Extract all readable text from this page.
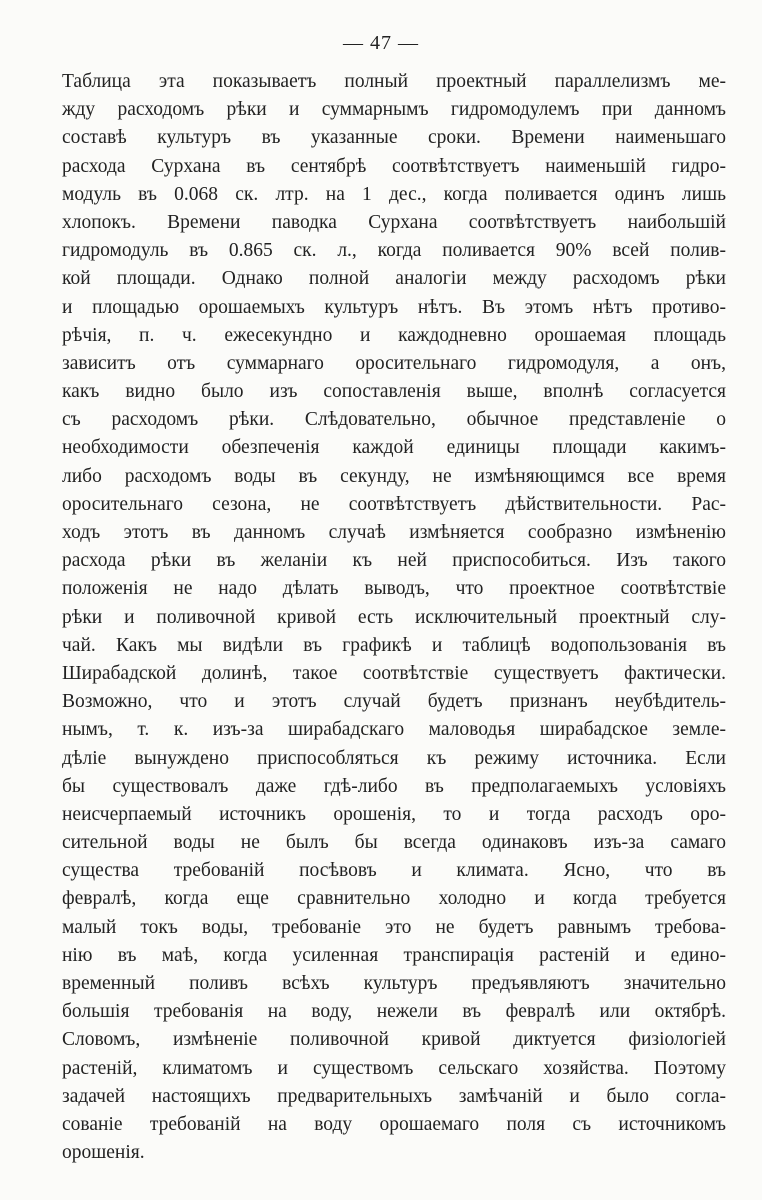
— 47 —
Таблица эта показываетъ полный проектный параллелизмъ ме-
жду расходомъ рѣки и суммарнымъ гидромодулемъ при данномъ
составѣ культуръ въ указанные сроки. Времени наименьшаго
расхода Сурхана въ сентябрѣ соотвѣтствуетъ наименьшій гидро-
модуль въ 0.068 ск. лтр. на 1 дес., когда поливается одинъ лишь
хлопокъ. Времени паводка Сурхана соотвѣтствуетъ наибольшій
гидромодуль въ 0.865 ск. л., когда поливается 90% всей полив-
кой площади. Однако полной аналогіи между расходомъ рѣки
и площадью орошаемыхъ культуръ нѣтъ. Въ этомъ нѣтъ противо-
рѣчія, п. ч. ежесекундно и каждодневно орошаемая площадь
зависитъ отъ суммарнаго оросительнаго гидромодуля, а онъ,
какъ видно было изъ сопоставленія выше, вполнѣ согласуется
съ расходомъ рѣки. Слѣдовательно, обычное представленіе о
необходимости обезпеченія каждой единицы площади какимъ-
либо расходомъ воды въ секунду, не измѣняющимся все время
оросительнаго сезона, не соотвѣтствуетъ дѣйствительности. Рас-
ходъ этотъ въ данномъ случаѣ измѣняется сообразно измѣненію
расхода рѣки въ желаніи къ ней приспособиться. Изъ такого
положенія не надо дѣлать выводъ, что проектное соотвѣтствіе
рѣки и поливочной кривой есть исключительный проектный слу-
чай. Какъ мы видѣли въ графикѣ и таблицѣ водопользованія въ
Ширабадской долинѣ, такое соотвѣтствіе существуетъ фактически.
Возможно, что и этотъ случай будетъ признанъ неубѣдитель-
нымъ, т. к. изъ-за ширабадскаго маловодья ширабадское земле-
дѣліе вынуждено приспособляться къ режиму источника. Если
бы существовалъ даже гдѣ-либо въ предполагаемыхъ условіяхъ
неисчерпаемый источникъ орошенія, то и тогда расходъ оро-
сительной воды не былъ бы всегда одинаковъ изъ-за самаго
существа требованій посѣвовъ и климата. Ясно, что въ
февралѣ, когда еще сравнительно холодно и когда требуется
малый токъ воды, требованіе это не будетъ равнымъ требова-
нію въ маѣ, когда усиленная транспирація растеній и едино-
временный поливъ всѣхъ культуръ предъявляютъ значительно
большія требованія на воду, нежели въ февралѣ или октябрѣ.
Словомъ, измѣненіе поливочной кривой диктуется физіологіей
растеній, климатомъ и существомъ сельскаго хозяйства. Поэтому
задачей настоящихъ предварительныхъ замѣчаній и было согла-
сованіе требованій на воду орошаемаго поля съ источникомъ
орошенія.
